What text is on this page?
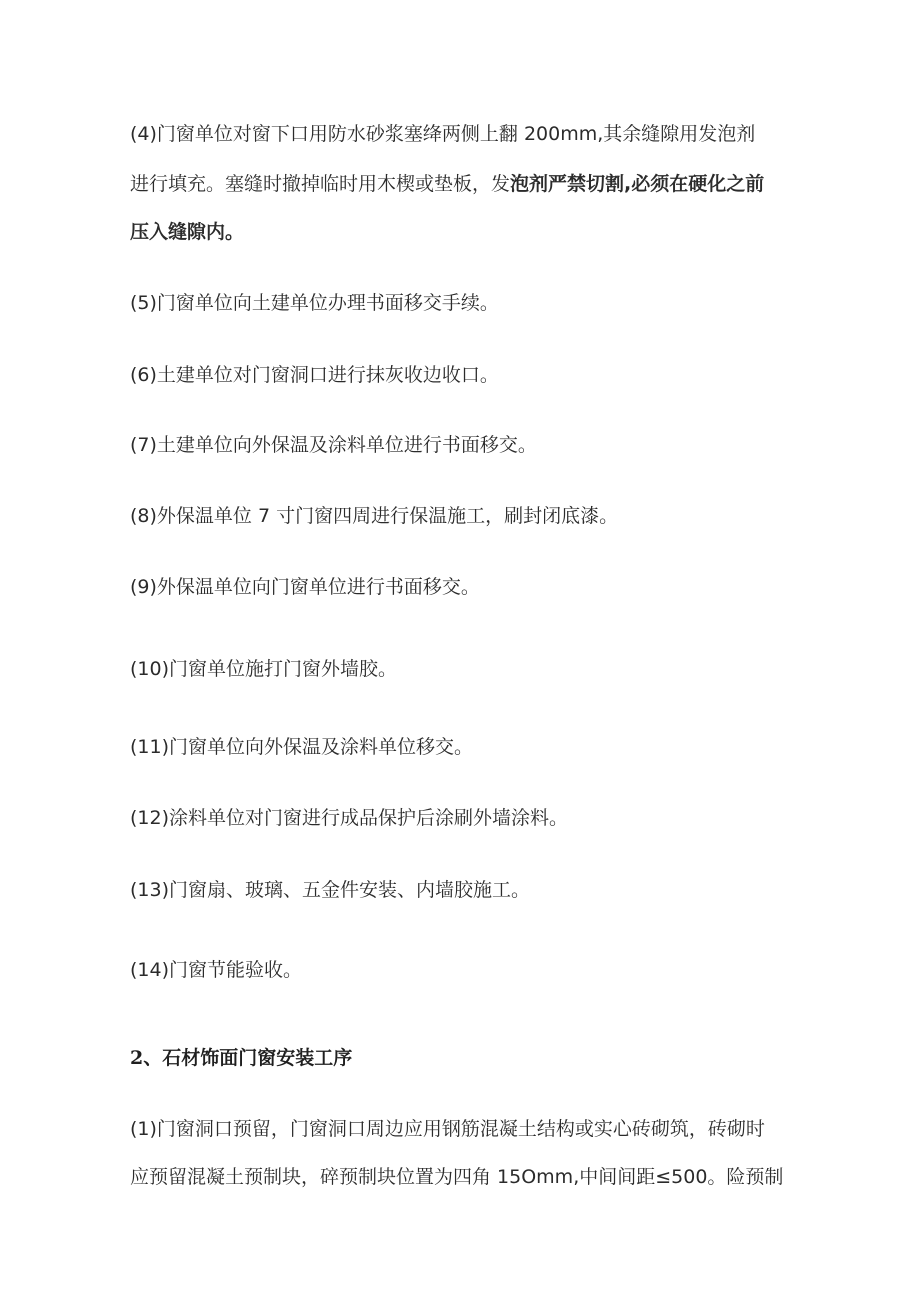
(4)门窗单位对窗下口用防水砂浆塞绛两侧上翻 200mm,其余缝隙用发泡剂
进行填充。塞缝时撤掉临时用木楔或垫板，发泡剂严禁切割,必须在硬化之前
压入缝隙内。
(5)门窗单位向土建单位办理书面移交手续。
(6)土建单位对门窗洞口进行抹灰收边收口。
(7)土建单位向外保温及涂料单位进行书面移交。
(8)外保温单位 7 寸门窗四周进行保温施工，刷封闭底漆。
(9)外保温单位向门窗单位进行书面移交。
(10)门窗单位施打门窗外墙胶。
(11)门窗单位向外保温及涂料单位移交。
(12)涂料单位对门窗进行成品保护后涂刷外墙涂料。
(13)门窗扇、玻璃、五金件安装、内墙胶施工。
(14)门窗节能验收。
2、石材饰面门窗安装工序
(1)门窗洞口预留，门窗洞口周边应用钢筋混凝土结构或实心砖砌筑，砖砌时
应预留混凝土预制块，碎预制块位置为四角 15Omm,中间间距≤500。险预制
